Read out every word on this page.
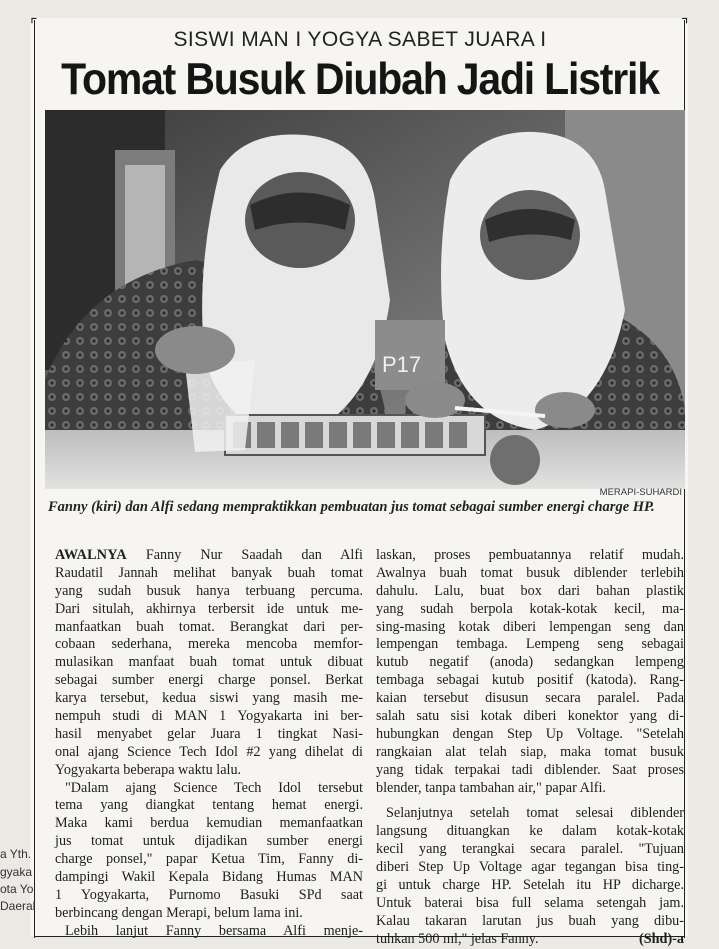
⌜	⌝
SISWI MAN I YOGYA SABET JUARA I
Tomat Busuk Diubah Jadi Listrik
P17
MERAPI-SUHARDI
Fanny (kiri) dan Alfi sedang mempraktikkan pembuatan jus tomat sebagai sumber energi charge HP.
AWALNYA Fanny Nur Saadah dan Alfi
Raudatil Jannah melihat banyak buah tomat
yang sudah busuk hanya terbuang percuma.
Dari situlah, akhirnya terbersit ide untuk me-
manfaatkan buah tomat. Berangkat dari per-
cobaan sederhana, mereka mencoba memfor-
mulasikan manfaat buah tomat untuk dibuat
sebagai sumber energi charge ponsel. Berkat
karya tersebut, kedua siswi yang masih me-
nempuh studi di MAN 1 Yogyakarta ini ber-
hasil menyabet gelar Juara 1 tingkat Nasi-
onal ajang Science Tech Idol #2 yang dihelat di
Yogyakarta beberapa waktu lalu.
"Dalam ajang Science Tech Idol tersebut
tema yang diangkat tentang hemat energi.
Maka kami berdua kemudian memanfaatkan
jus tomat untuk dijadikan sumber energi
charge ponsel," papar Ketua Tim, Fanny di-
dampingi Wakil Kepala Bidang Humas MAN
1 Yogyakarta, Purnomo Basuki SPd saat
berbincang dengan Merapi, belum lama ini.
Lebih lanjut Fanny bersama Alfi menje-
laskan, proses pembuatannya relatif mudah.
Awalnya buah tomat busuk diblender terlebih
dahulu. Lalu, buat box dari bahan plastik
yang sudah berpola kotak-kotak kecil, ma-
sing-masing kotak diberi lempengan seng dan
lempengan tembaga. Lempeng seng sebagai
kutub negatif (anoda) sedangkan lempeng
tembaga sebagai kutub positif (katoda). Rang-
kaian tersebut disusun secara paralel. Pada
salah satu sisi kotak diberi konektor yang di-
hubungkan dengan Step Up Voltage. "Setelah
rangkaian alat telah siap, maka tomat busuk
yang tidak terpakai tadi diblender. Saat proses
blender, tanpa tambahan air," papar Alfi.
Selanjutnya setelah tomat selesai diblender
langsung dituangkan ke dalam kotak-kotak
kecil yang terangkai secara paralel. "Tujuan
diberi Step Up Voltage agar tegangan bisa ting-
gi untuk charge HP. Setelah itu HP dicharge.
Untuk baterai bisa full selama setengah jam.
Kalau takaran larutan jus buah yang dibu-
tuhkan 500 ml," jelas Fanny.	(Shd)-a
a Yth.
gyaka
ota Yo
Daeral
